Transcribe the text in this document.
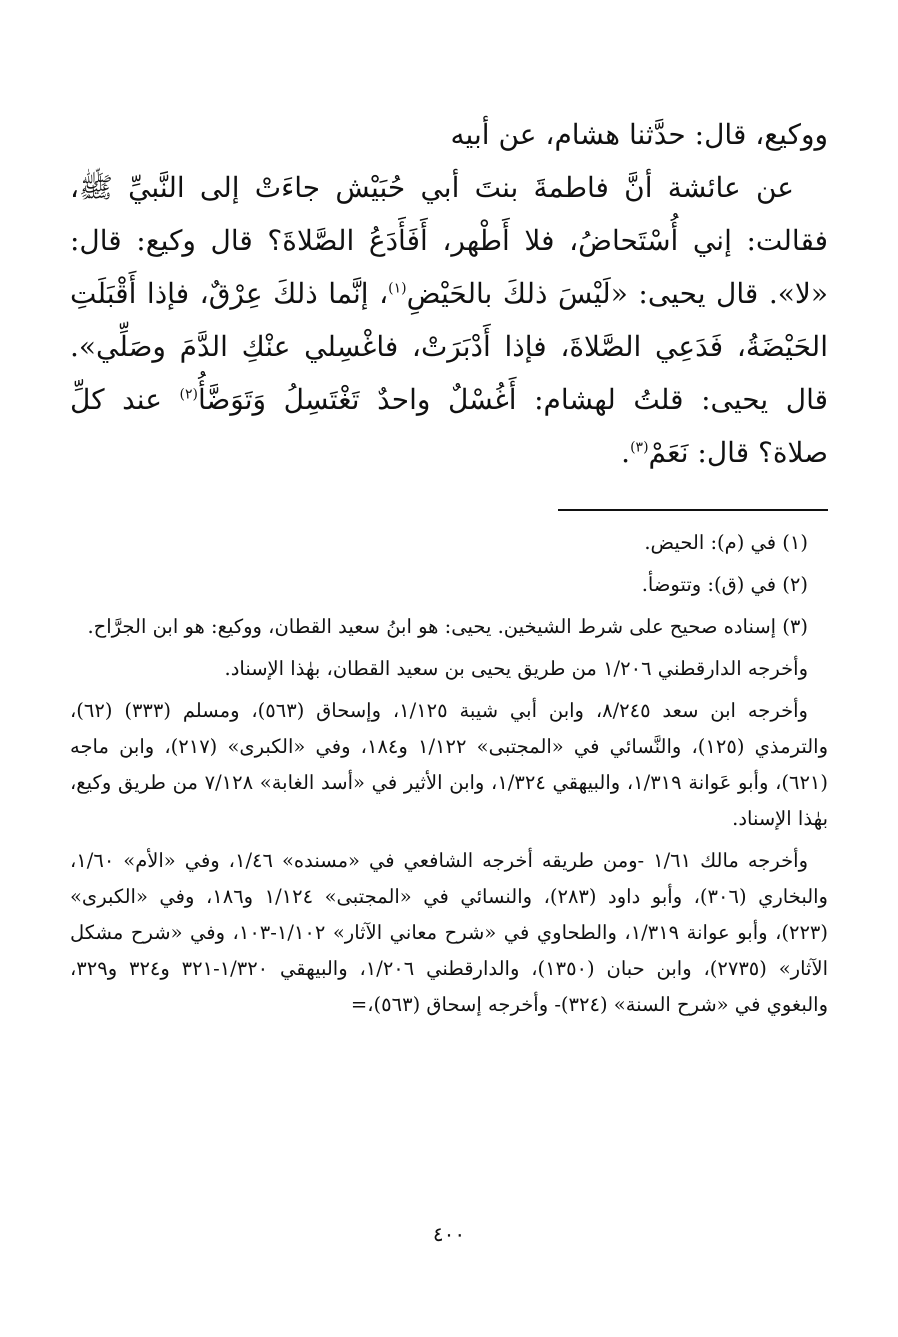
ووكيع، قال: حدَّثنا هشام، عن أبيه

عن عائشة أنَّ فاطمةَ بنتَ أبي حُبَيْش جاءَتْ إلى النَّبيِّ ﷺ، فقالت: إني أُسْتَحاضُ، فلا أَطْهر، أَفَأَدَعُ الصَّلاةَ؟ قال وكيع: قال: «لا». قال يحيى: «لَيْسَ ذلكَ بالحَيْضِ$^{(١)}$، إنَّما ذلكَ عِرْقٌ، فإذا أَقْبَلَتِ الحَيْضَةُ، فَدَعِي الصَّلاةَ، فإذا أَدْبَرَتْ، فاغْسِلي عنْكِ الدَّمَ وصَلِّي». قال يحيى: قلتُ لهشام: أَغُسْلٌ واحدٌ تَغْتَسِلُ وَتَوَضَّأُ$^{(٢)}$ عند كلِّ صلاة؟ قال: نَعَمْ$^{(٣)}$.

(١) في (م): الحيض.

(٢) في (ق): وتتوضأ.

(٣) إسناده صحيح على شرط الشيخين. يحيى: هو ابنُ سعيد القطان، ووكيع: هو ابن الجرَّاح.

وأخرجه الدارقطني ١/٢٠٦ من طريق يحيى بن سعيد القطان، بهٰذا الإسناد.

وأخرجه ابن سعد ٨/٢٤٥، وابن أبي شيبة ١/١٢٥، وإسحاق (٥٦٣)، ومسلم (٣٣٣) (٦٢)، والترمذي (١٢٥)، والنَّسائي في «المجتبى» ١/١٢٢ و١٨٤، وفي «الكبرى» (٢١٧)، وابن ماجه (٦٢١)، وأبو عَوانة ١/٣١٩، والبيهقي ١/٣٢٤، وابن الأثير في «أسد الغابة» ٧/١٢٨ من طريق وكيع، بهٰذا الإسناد.

وأخرجه مالك ١/٦١ -ومن طريقه أخرجه الشافعي في «مسنده» ١/٤٦، وفي «الأم» ١/٦٠، والبخاري (٣٠٦)، وأبو داود (٢٨٣)، والنسائي في «المجتبى» ١/١٢٤ و١٨٦، وفي «الكبرى» (٢٢٣)، وأبو عوانة ١/٣١٩، والطحاوي في «شرح معاني الآثار» ١/١٠٢-١٠٣، وفي «شرح مشكل الآثار» (٢٧٣٥)، وابن حبان (١٣٥٠)، والدارقطني ١/٢٠٦، والبيهقي ١/٣٢٠-٣٢١ و٣٢٤ و٣٢٩، والبغوي في «شرح السنة» (٣٢٤)- وأخرجه إسحاق (٥٦٣)،=

٤٠٠
